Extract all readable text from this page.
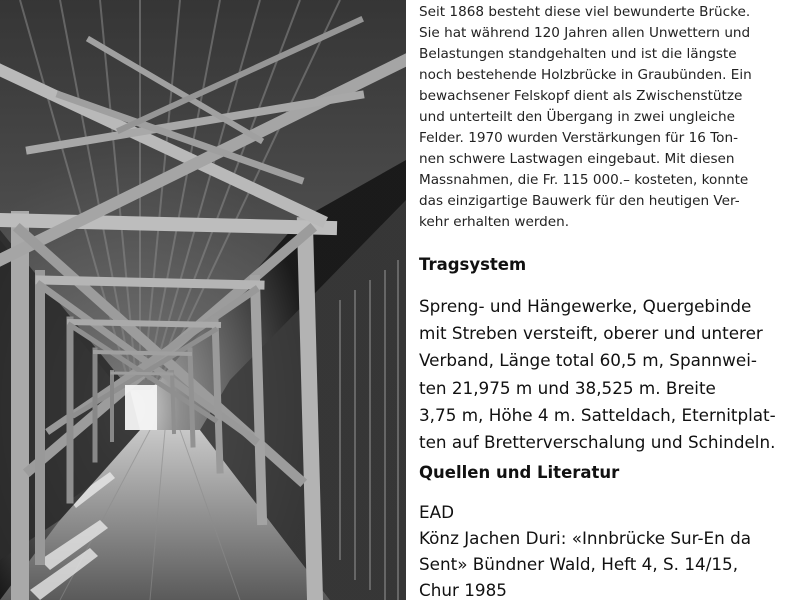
Seit 1868 besteht diese viel bewunderte Brücke.
Sie hat während 120 Jahren allen Unwettern und
Belastungen standgehalten und ist die längste
noch bestehende Holzbrücke in Graubünden. Ein
bewachsener Felskopf dient als Zwischenstütze
und unterteilt den Übergang in zwei ungleiche
Felder. 1970 wurden Verstärkungen für 16 Ton-
nen schwere Lastwagen eingebaut. Mit diesen
Massnahmen, die Fr. 115 000.– kosteten, konnte
das einzigartige Bauwerk für den heutigen Ver-
kehr erhalten werden.
Tragsystem
Spreng- und Hängewerke, Quergebinde
mit Streben versteift, oberer und unterer
Verband, Länge total 60,5 m, Spannwei-
ten 21,975 m und 38,525 m. Breite
3,75 m, Höhe 4 m. Satteldach, Eternitplat-
ten auf Bretterverschalung und Schindeln.
Quellen und Literatur
EAD
Könz Jachen Duri: «Innbrücke Sur-En da
Sent» Bündner Wald, Heft 4, S. 14/15,
Chur 1985
